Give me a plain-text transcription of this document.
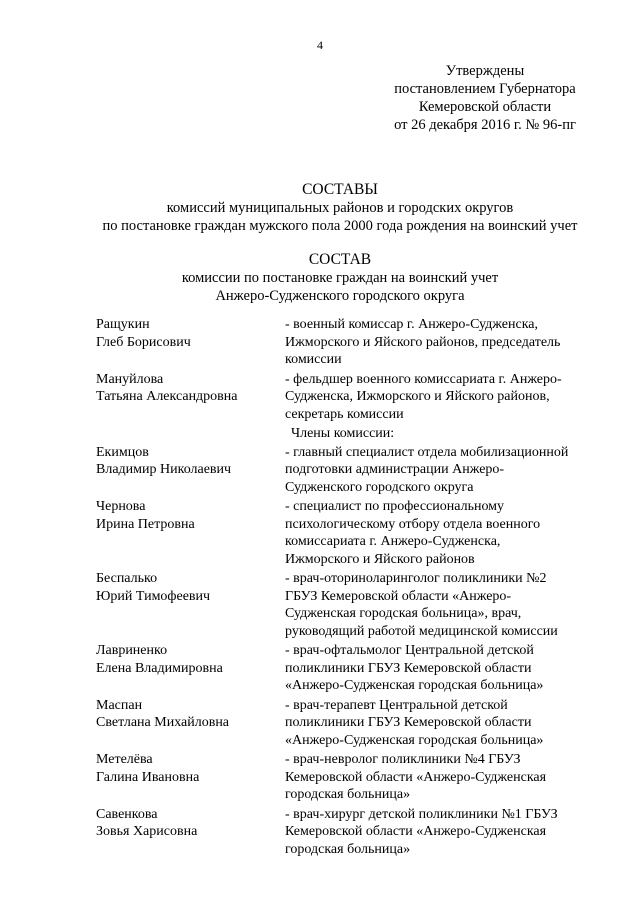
4
Утверждены
постановлением Губернатора
Кемеровской области
от 26 декабря 2016 г. № 96-пг
СОСТАВЫ
комиссий муниципальных районов и городских округов
по постановке граждан мужского пола 2000 года рождения на воинский учет
СОСТАВ
комиссии по постановке граждан на воинский учет
Анжеро-Судженского городского округа
Ращукин
Глеб Борисович
- военный комиссар г. Анжеро-Судженска,
Ижморского и Яйского районов, председатель
комиссии
Мануйлова
Татьяна Александровна
- фельдшер военного комиссариата г. Анжеро-
Судженска, Ижморского и Яйского районов,
секретарь комиссии
Члены комиссии:
Екимцов
Владимир Николаевич
- главный специалист отдела мобилизационной
подготовки администрации Анжеро-
Судженского городского округа
Чернова
Ирина Петровна
- специалист по профессиональному
психологическому отбору отдела военного
комиссариата г. Анжеро-Судженска,
Ижморского и Яйского районов
Беспалько
Юрий Тимофеевич
- врач-оториноларинголог поликлиники №2
ГБУЗ Кемеровской области «Анжеро-
Судженская городская больница», врач,
руководящий работой медицинской комиссии
Лавриненко
Елена Владимировна
- врач-офтальмолог Центральной детской
поликлиники ГБУЗ Кемеровской области
«Анжеро-Судженская городская больница»
Маспан
Светлана Михайловна
- врач-терапевт Центральной детской
поликлиники ГБУЗ Кемеровской области
«Анжеро-Судженская городская больница»
Метелёва
Галина Ивановна
- врач-невролог поликлиники №4 ГБУЗ
Кемеровской области «Анжеро-Судженская
городская больница»
Савенкова
Зовья Харисовна
- врач-хирург детской поликлиники №1 ГБУЗ
Кемеровской области «Анжеро-Судженская
городская больница»
